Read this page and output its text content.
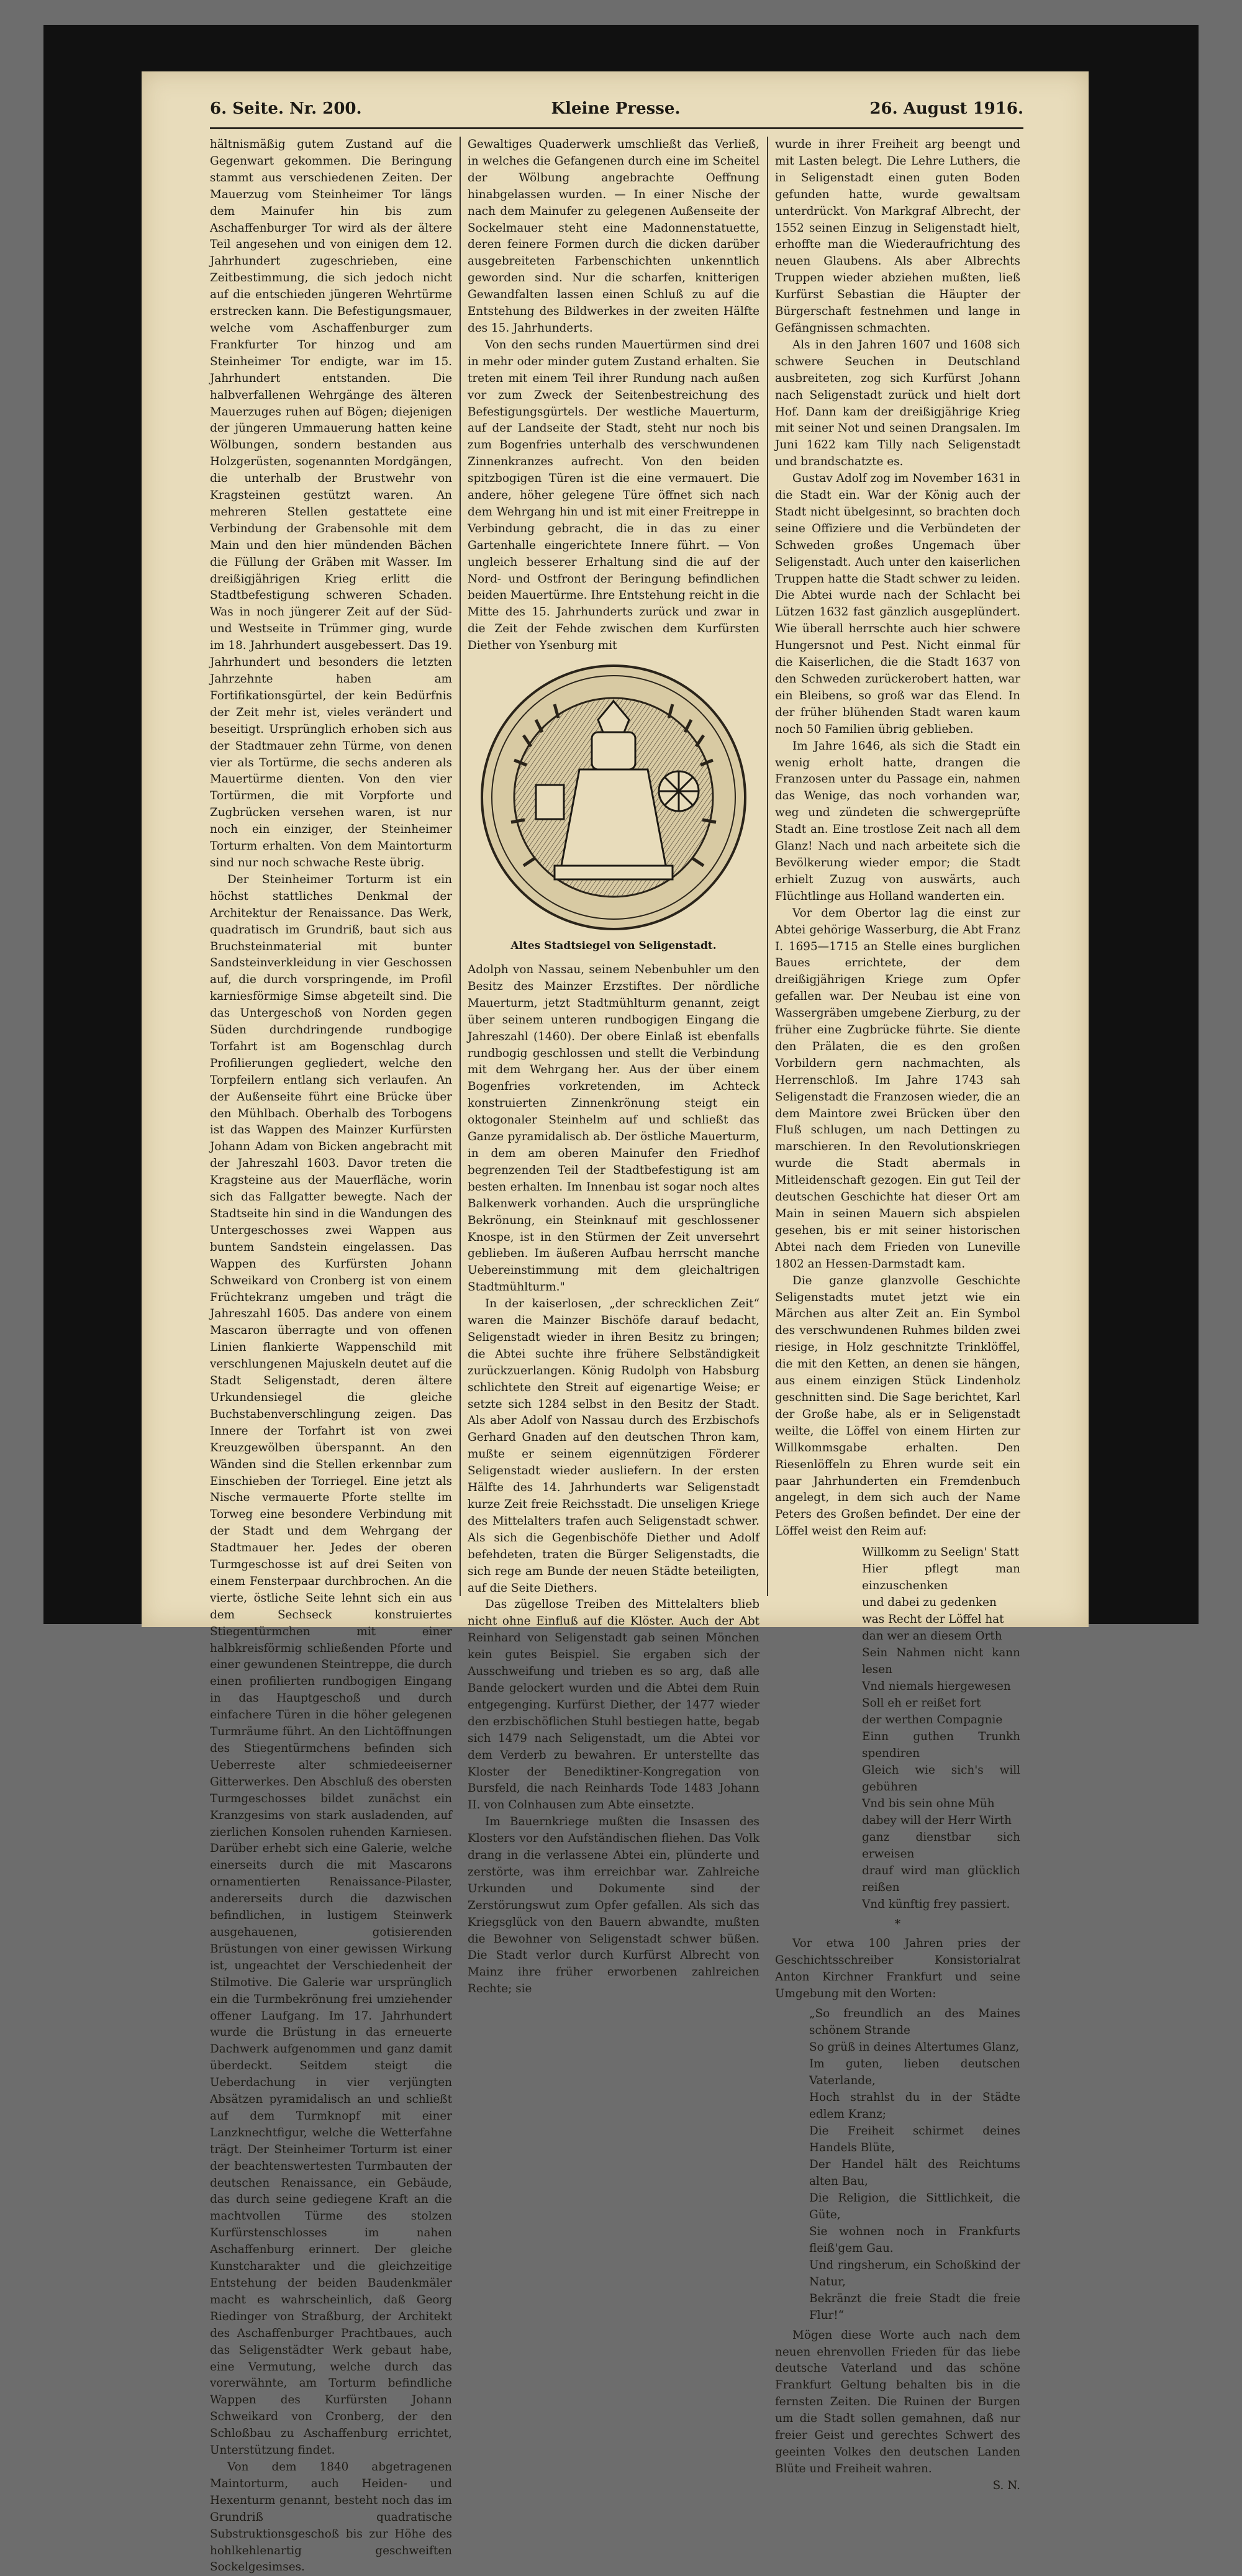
6. Seite. Nr. 200.	Kleine Presse.	26. August 1916.

hältnismäßig gutem Zustand auf die Gegenwart gekommen. Die Beringung stammt aus verschiedenen Zeiten. Der Mauerzug vom Steinheimer Tor längs dem Mainufer hin bis zum Aschaffenburger Tor wird als der ältere Teil angesehen und von einigen dem 12. Jahrhundert zugeschrieben, eine Zeitbestimmung, die sich jedoch nicht auf die entschieden jüngeren Wehrtürme erstrecken kann. Die Befestigungsmauer, welche vom Aschaffenburger zum Frankfurter Tor hinzog und am Steinheimer Tor endigte, war im 15. Jahrhundert entstanden. Die halbverfallenen Wehrgänge des älteren Mauerzuges ruhen auf Bögen; diejenigen der jüngeren Ummauerung hatten keine Wölbungen, sondern bestanden aus Holzgerüsten, sogenannten Mordgängen, die unterhalb der Brustwehr von Kragsteinen gestützt waren. An mehreren Stellen gestattete eine Verbindung der Grabensohle mit dem Main und den hier mündenden Bächen die Füllung der Gräben mit Wasser. Im dreißigjährigen Krieg erlitt die Stadtbefestigung schweren Schaden. Was in noch jüngerer Zeit auf der Süd- und Westseite in Trümmer ging, wurde im 18. Jahrhundert ausgebessert. Das 19. Jahrhundert und besonders die letzten Jahrzehnte haben am Fortifikationsgürtel, der kein Bedürfnis der Zeit mehr ist, vieles verändert und beseitigt. Ursprünglich erhoben sich aus der Stadtmauer zehn Türme, von denen vier als Tortürme, die sechs anderen als Mauertürme dienten. Von den vier Tortürmen, die mit Vorpforte und Zugbrücken versehen waren, ist nur noch ein einziger, der Steinheimer Torturm erhalten. Von dem Maintorturm sind nur noch schwache Reste übrig.

Der Steinheimer Torturm ist ein höchst stattliches Denkmal der Architektur der Renaissance. Das Werk, quadratisch im Grundriß, baut sich aus Bruchsteinmaterial mit bunter Sandsteinverkleidung in vier Geschossen auf, die durch vorspringende, im Profil karniesförmige Simse abgeteilt sind. Die das Untergeschoß von Norden gegen Süden durchdringende rundbogige Torfahrt ist am Bogenschlag durch Profilierungen gegliedert, welche den Torpfeilern entlang sich verlaufen. An der Außenseite führt eine Brücke über den Mühlbach. Oberhalb des Torbogens ist das Wappen des Mainzer Kurfürsten Johann Adam von Bicken angebracht mit der Jahreszahl 1603. Davor treten die Kragsteine aus der Mauerfläche, worin sich das Fallgatter bewegte. Nach der Stadtseite hin sind in die Wandungen des Untergeschosses zwei Wappen aus buntem Sandstein eingelassen. Das Wappen des Kurfürsten Johann Schweikard von Cronberg ist von einem Früchtekranz umgeben und trägt die Jahreszahl 1605. Das andere von einem Mascaron überragte und von offenen Linien flankierte Wappenschild mit verschlungenen Majuskeln deutet auf die Stadt Seligenstadt, deren ältere Urkundensiegel die gleiche Buchstabenverschlingung zeigen. Das Innere der Torfahrt ist von zwei Kreuzgewölben überspannt. An den Wänden sind die Stellen erkennbar zum Einschieben der Torriegel. Eine jetzt als Nische vermauerte Pforte stellte im Torweg eine besondere Verbindung mit der Stadt und dem Wehrgang der Stadtmauer her. Jedes der oberen Turmgeschosse ist auf drei Seiten von einem Fensterpaar durchbrochen. An die vierte, östliche Seite lehnt sich ein aus dem Sechseck konstruiertes Stiegentürmchen mit einer halbkreisförmig schließenden Pforte und einer gewundenen Steintreppe, die durch einen profilierten rundbogigen Eingang in das Hauptgeschoß und durch einfachere Türen in die höher gelegenen Turmräume führt. An den Lichtöffnungen des Stiegentürmchens befinden sich Ueberreste alter schmiedeeiserner Gitterwerkes. Den Abschluß des obersten Turmgeschosses bildet zunächst ein Kranzgesims von stark ausladenden, auf zierlichen Konsolen ruhenden Karniesen. Darüber erhebt sich eine Galerie, welche einerseits durch die mit Mascarons ornamentierten Renaissance-Pilaster, andererseits durch die dazwischen befindlichen, in lustigem Steinwerk ausgehauenen, gotisierenden Brüstungen von einer gewissen Wirkung ist, ungeachtet der Verschiedenheit der Stilmotive. Die Galerie war ursprünglich ein die Turmbekrönung frei umziehender offener Laufgang. Im 17. Jahrhundert wurde die Brüstung in das erneuerte Dachwerk aufgenommen und ganz damit überdeckt. Seitdem steigt die Ueberdachung in vier verjüngten Absätzen pyramidalisch an und schließt auf dem Turmknopf mit einer Lanzknechtfigur, welche die Wetterfahne trägt. Der Steinheimer Torturm ist einer der beachtenswertesten Turmbauten der deutschen Renaissance, ein Gebäude, das durch seine gediegene Kraft an die machtvollen Türme des stolzen Kurfürstenschlosses im nahen Aschaffenburg erinnert. Der gleiche Kunstcharakter und die gleichzeitige Entstehung der beiden Baudenkmäler macht es wahrscheinlich, daß Georg Riedinger von Straßburg, der Architekt des Aschaffenburger Prachtbaues, auch das Seligenstädter Werk gebaut habe, eine Vermutung, welche durch das vorerwähnte, am Torturm befindliche Wappen des Kurfürsten Johann Schweikard von Cronberg, der den Schloßbau zu Aschaffenburg errichtet, Unterstützung findet.

Von dem 1840 abgetragenen Maintorturm, auch Heiden- und Hexenturm genannt, besteht noch das im Grundriß quadratische Substruktionsgeschoß bis zur Höhe des hohlkehlenartig geschweiften Sockelgesimses.

Gewaltiges Quaderwerk umschließt das Verließ, in welches die Gefangenen durch eine im Scheitel der Wölbung angebrachte Oeffnung hinabgelassen wurden. — In einer Nische der nach dem Mainufer zu gelegenen Außenseite der Sockelmauer steht eine Madonnenstatuette, deren feinere Formen durch die dicken darüber ausgebreiteten Farbenschichten unkenntlich geworden sind. Nur die scharfen, knitterigen Gewandfalten lassen einen Schluß zu auf die Entstehung des Bildwerkes in der zweiten Hälfte des 15. Jahrhunderts.

Von den sechs runden Mauertürmen sind drei in mehr oder minder gutem Zustand erhalten. Sie treten mit einem Teil ihrer Rundung nach außen vor zum Zweck der Seitenbestreichung des Befestigungsgürtels. Der westliche Mauerturm, auf der Landseite der Stadt, steht nur noch bis zum Bogenfries unterhalb des verschwundenen Zinnenkranzes aufrecht. Von den beiden spitzbogigen Türen ist die eine vermauert. Die andere, höher gelegene Türe öffnet sich nach dem Wehrgang hin und ist mit einer Freitreppe in Verbindung gebracht, die in das zu einer Gartenhalle eingerichtete Innere führt. — Von ungleich besserer Erhaltung sind die auf der Nord- und Ostfront der Beringung befindlichen beiden Mauertürme. Ihre Entstehung reicht in die Mitte des 15. Jahrhunderts zurück und zwar in die Zeit der Fehde zwischen dem Kurfürsten Diether von Ysenburg mit

Altes Stadtsiegel von Seligenstadt.

Adolph von Nassau, seinem Nebenbuhler um den Besitz des Mainzer Erzstiftes. Der nördliche Mauerturm, jetzt Stadtmühlturm genannt, zeigt über seinem unteren rundbogigen Eingang die Jahreszahl (1460). Der obere Einlaß ist ebenfalls rundbogig geschlossen und stellt die Verbindung mit dem Wehrgang her. Aus der über einem Bogenfries vorkretenden, im Achteck konstruierten Zinnenkrönung steigt ein oktogonaler Steinhelm auf und schließt das Ganze pyramidalisch ab. Der östliche Mauerturm, in dem am oberen Mainufer den Friedhof begrenzenden Teil der Stadtbefestigung ist am besten erhalten. Im Innenbau ist sogar noch altes Balkenwerk vorhanden. Auch die ursprüngliche Bekrönung, ein Steinknauf mit geschlossener Knospe, ist in den Stürmen der Zeit unversehrt geblieben. Im äußeren Aufbau herrscht manche Uebereinstimmung mit dem gleichaltrigen Stadtmühlturm."

In der kaiserlosen, „der schrecklichen Zeit“ waren die Mainzer Bischöfe darauf bedacht, Seligenstadt wieder in ihren Besitz zu bringen; die Abtei suchte ihre frühere Selbständigkeit zurückzuerlangen. König Rudolph von Habsburg schlichtete den Streit auf eigenartige Weise; er setzte sich 1284 selbst in den Besitz der Stadt. Als aber Adolf von Nassau durch des Erzbischofs Gerhard Gnaden auf den deutschen Thron kam, mußte er seinem eigennützigen Förderer Seligenstadt wieder ausliefern. In der ersten Hälfte des 14. Jahrhunderts war Seligenstadt kurze Zeit freie Reichsstadt. Die unseligen Kriege des Mittelalters trafen auch Seligenstadt schwer. Als sich die Gegenbischöfe Diether und Adolf befehdeten, traten die Bürger Seligenstadts, die sich rege am Bunde der neuen Städte beteiligten, auf die Seite Diethers.

Das zügellose Treiben des Mittelalters blieb nicht ohne Einfluß auf die Klöster. Auch der Abt Reinhard von Seligenstadt gab seinen Mönchen kein gutes Beispiel. Sie ergaben sich der Ausschweifung und trieben es so arg, daß alle Bande gelockert wurden und die Abtei dem Ruin entgegenging. Kurfürst Diether, der 1477 wieder den erzbischöflichen Stuhl bestiegen hatte, begab sich 1479 nach Seligenstadt, um die Abtei vor dem Verderb zu bewahren. Er unterstellte das Kloster der Benediktiner-Kongregation von Bursfeld, die nach Reinhards Tode 1483 Johann II. von Colnhausen zum Abte einsetzte.

Im Bauernkriege mußten die Insassen des Klosters vor den Aufständischen fliehen. Das Volk drang in die verlassene Abtei ein, plünderte und zerstörte, was ihm erreichbar war. Zahlreiche Urkunden und Dokumente sind der Zerstörungswut zum Opfer gefallen. Als sich das Kriegsglück von den Bauern abwandte, mußten die Bewohner von Seligenstadt schwer büßen. Die Stadt verlor durch Kurfürst Albrecht von Mainz ihre früher erworbenen zahlreichen Rechte; sie

wurde in ihrer Freiheit arg beengt und mit Lasten belegt. Die Lehre Luthers, die in Seligenstadt einen guten Boden gefunden hatte, wurde gewaltsam unterdrückt. Von Markgraf Albrecht, der 1552 seinen Einzug in Seligenstadt hielt, erhoffte man die Wiederaufrichtung des neuen Glaubens. Als aber Albrechts Truppen wieder abziehen mußten, ließ Kurfürst Sebastian die Häupter der Bürgerschaft festnehmen und lange in Gefängnissen schmachten.

Als in den Jahren 1607 und 1608 sich schwere Seuchen in Deutschland ausbreiteten, zog sich Kurfürst Johann nach Seligenstadt zurück und hielt dort Hof. Dann kam der dreißigjährige Krieg mit seiner Not und seinen Drangsalen. Im Juni 1622 kam Tilly nach Seligenstadt und brandschatzte es.

Gustav Adolf zog im November 1631 in die Stadt ein. War der König auch der Stadt nicht übelgesinnt, so brachten doch seine Offiziere und die Verbündeten der Schweden großes Ungemach über Seligenstadt. Auch unter den kaiserlichen Truppen hatte die Stadt schwer zu leiden. Die Abtei wurde nach der Schlacht bei Lützen 1632 fast gänzlich ausgeplündert. Wie überall herrschte auch hier schwere Hungersnot und Pest. Nicht einmal für die Kaiserlichen, die die Stadt 1637 von den Schweden zurückerobert hatten, war ein Bleibens, so groß war das Elend. In der früher blühenden Stadt waren kaum noch 50 Familien übrig geblieben.

Im Jahre 1646, als sich die Stadt ein wenig erholt hatte, drangen die Franzosen unter du Passage ein, nahmen das Wenige, das noch vorhanden war, weg und zündeten die schwergeprüfte Stadt an. Eine trostlose Zeit nach all dem Glanz! Nach und nach arbeitete sich die Bevölkerung wieder empor; die Stadt erhielt Zuzug von auswärts, auch Flüchtlinge aus Holland wanderten ein.

Vor dem Obertor lag die einst zur Abtei gehörige Wasserburg, die Abt Franz I. 1695—1715 an Stelle eines burglichen Baues errichtete, der dem dreißigjährigen Kriege zum Opfer gefallen war. Der Neubau ist eine von Wassergräben umgebene Zierburg, zu der früher eine Zugbrücke führte. Sie diente den Prälaten, die es den großen Vorbildern gern nachmachten, als Herrenschloß. Im Jahre 1743 sah Seligenstadt die Franzosen wieder, die an dem Maintore zwei Brücken über den Fluß schlugen, um nach Dettingen zu marschieren. In den Revolutionskriegen wurde die Stadt abermals in Mitleidenschaft gezogen. Ein gut Teil der deutschen Geschichte hat dieser Ort am Main in seinen Mauern sich abspielen gesehen, bis er mit seiner historischen Abtei nach dem Frieden von Luneville 1802 an Hessen-Darmstadt kam.

Die ganze glanzvolle Geschichte Seligenstadts mutet jetzt wie ein Märchen aus alter Zeit an. Ein Symbol des verschwundenen Ruhmes bilden zwei riesige, in Holz geschnitzte Trinklöffel, die mit den Ketten, an denen sie hängen, aus einem einzigen Stück Lindenholz geschnitten sind. Die Sage berichtet, Karl der Große habe, als er in Seligenstadt weilte, die Löffel von einem Hirten zur Willkommsgabe erhalten. Den Riesenlöffeln zu Ehren wurde seit ein paar Jahrhunderten ein Fremdenbuch angelegt, in dem sich auch der Name Peters des Großen befindet. Der eine der Löffel weist den Reim auf:

Willkomm zu Seelign' Statt
Hier pflegt man einzuschenken
und dabei zu gedenken
was Recht der Löffel hat
dan wer an diesem Orth
Sein Nahmen nicht kann lesen
Vnd niemals hiergewesen
Soll eh er reißet fort
der werthen Compagnie
Einn guthen Trunkh spendiren
Gleich wie sich's will gebühren
Vnd bis sein ohne Müh
dabey will der Herr Wirth
ganz dienstbar sich erweisen
drauf wird man glücklich reißen
Vnd künftig frey passiert.
*

Vor etwa 100 Jahren pries der Geschichtsschreiber Konsistorialrat Anton Kirchner Frankfurt und seine Umgebung mit den Worten:

„So freundlich an des Maines schönem Strande
So grüß in deines Altertumes Glanz,
Im guten, lieben deutschen Vaterlande,
Hoch strahlst du in der Städte edlem Kranz;
Die Freiheit schirmet deines Handels Blüte,
Der Handel hält des Reichtums alten Bau,
Die Religion, die Sittlichkeit, die Güte,
Sie wohnen noch in Frankfurts fleiß'gem Gau.
Und ringsherum, ein Schoßkind der Natur,
Bekränzt die freie Stadt die freie Flur!“

Mögen diese Worte auch nach dem neuen ehrenvollen Frieden für das liebe deutsche Vaterland und das schöne Frankfurt Geltung behalten bis in die fernsten Zeiten. Die Ruinen der Burgen um die Stadt sollen gemahnen, daß nur freier Geist und gerechtes Schwert des geeinten Volkes den deutschen Landen Blüte und Freiheit wahren.

S. N.
